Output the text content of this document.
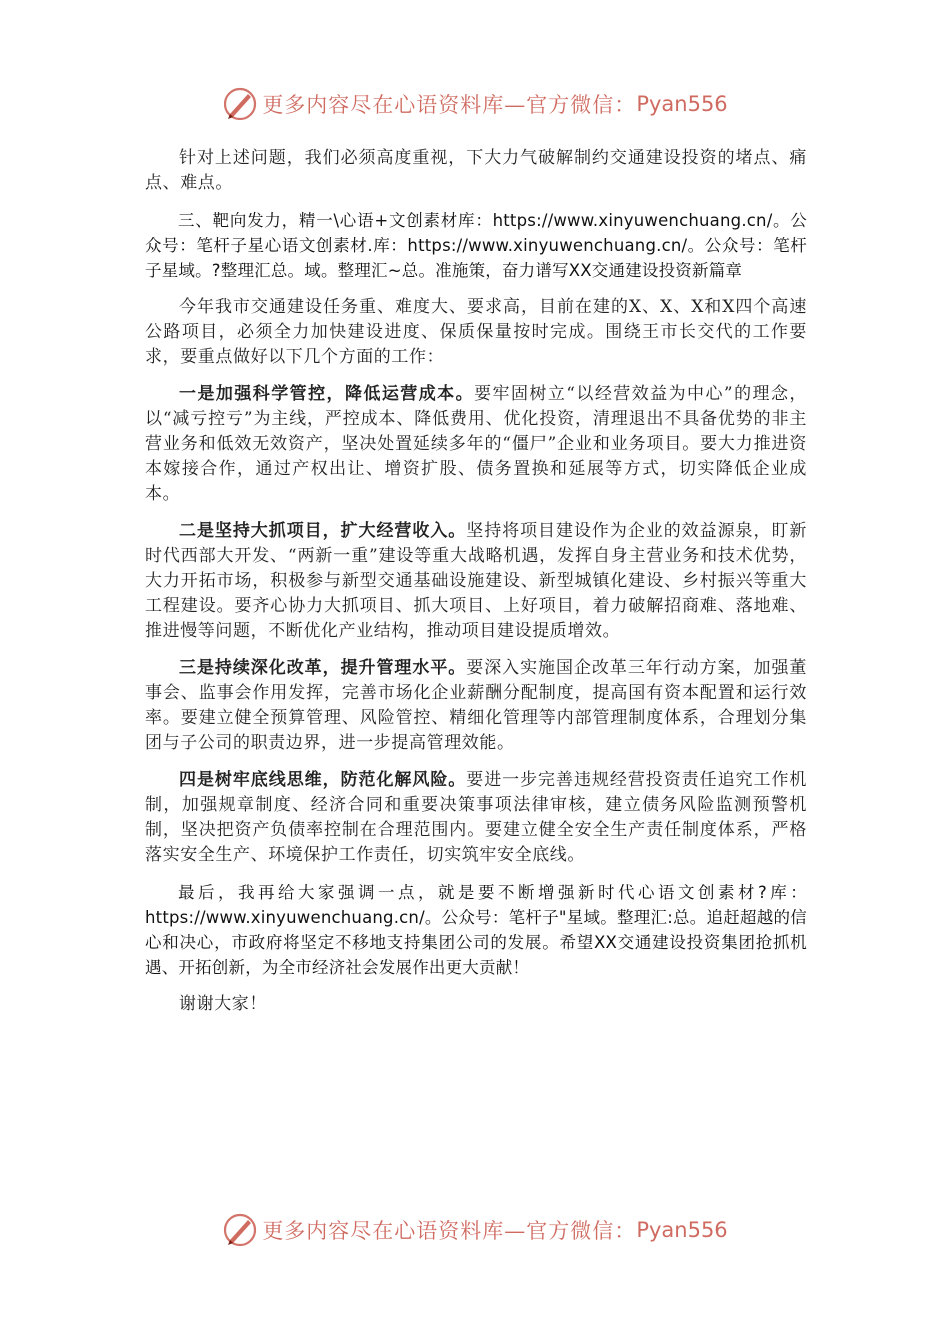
更多内容尽在心语资料库—官方微信： Pyan556

针对上述问题，我们必须高度重视，下大力气破解制约交通建设投资的堵点、痛点、难点。

三、靶向发力，精一\心语+文创素材库：https://www.xinyuwenchuang.cn/。公众号：笔杆子星心语文创素材.库：https://www.xinyuwenchuang.cn/。公众号：笔杆子星域。?整理汇总。域。整理汇~总。准施策，奋力谱写XX交通建设投资新篇章

今年我市交通建设任务重、难度大、要求高，目前在建的X、X、X和X四个高速公路项目，必须全力加快建设进度、保质保量按时完成。围绕王市长交代的工作要求，要重点做好以下几个方面的工作：

一是加强科学管控，降低运营成本。要牢固树立“以经营效益为中心”的理念，以“减亏控亏”为主线，严控成本、降低费用、优化投资，清理退出不具备优势的非主营业务和低效无效资产，坚决处置延续多年的“僵尸”企业和业务项目。要大力推进资本嫁接合作，通过产权出让、增资扩股、债务置换和延展等方式，切实降低企业成本。

二是坚持大抓项目，扩大经营收入。坚持将项目建设作为企业的效益源泉，盯新时代西部大开发、“两新一重”建设等重大战略机遇，发挥自身主营业务和技术优势，大力开拓市场，积极参与新型交通基础设施建设、新型城镇化建设、乡村振兴等重大工程建设。要齐心协力大抓项目、抓大项目、上好项目，着力破解招商难、落地难、推进慢等问题，不断优化产业结构，推动项目建设提质增效。

三是持续深化改革，提升管理水平。要深入实施国企改革三年行动方案，加强董事会、监事会作用发挥，完善市场化企业薪酬分配制度，提高国有资本配置和运行效率。要建立健全预算管理、风险管控、精细化管理等内部管理制度体系，合理划分集团与子公司的职责边界，进一步提高管理效能。

四是树牢底线思维，防范化解风险。要进一步完善违规经营投资责任追究工作机制，加强规章制度、经济合同和重要决策事项法律审核，建立债务风险监测预警机制，坚决把资产负债率控制在合理范围内。要建立健全安全生产责任制度体系，严格落实安全生产、环境保护工作责任，切实筑牢安全底线。

最后，我再给大家强调一点，就是要不断增强新时代心语文创素材?库：https://www.xinyuwenchuang.cn/。公众号：笔杆子"星域。整理汇:总。追赶超越的信心和决心，市政府将坚定不移地支持集团公司的发展。希望XX交通建设投资集团抢抓机遇、开拓创新，为全市经济社会发展作出更大贡献！

谢谢大家！

更多内容尽在心语资料库—官方微信： Pyan556
